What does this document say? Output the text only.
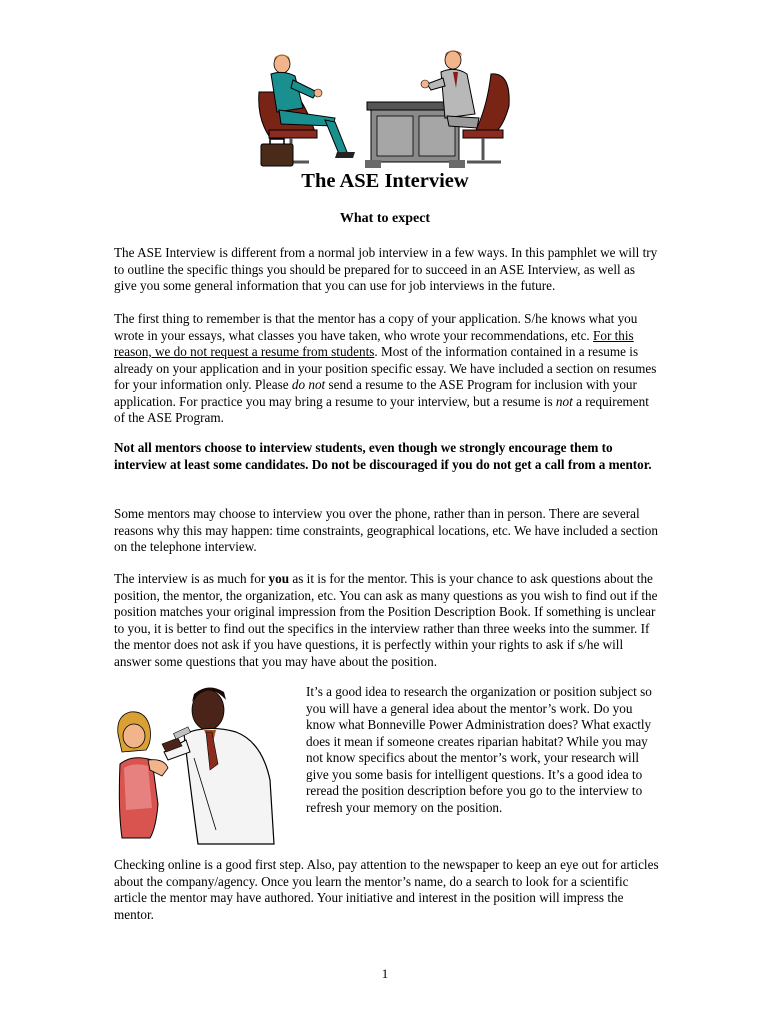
The ASE Interview
What to expect

The ASE Interview is different from a normal job interview in a few ways. In this pamphlet we will try to outline the specific things you should be prepared for to succeed in an ASE Interview, as well as give you some general information that you can use for job interviews in the future.

The first thing to remember is that the mentor has a copy of your application. S/he knows what you wrote in your essays, what classes you have taken, who wrote your recommendations, etc. For this reason, we do not request a resume from students. Most of the information contained in a resume is already on your application and in your position specific essay. We have included a section on resumes for your information only. Please do not send a resume to the ASE Program for inclusion with your application. For practice you may bring a resume to your interview, but a resume is not a requirement of the ASE Program.

Not all mentors choose to interview students, even though we strongly encourage them to interview at least some candidates. Do not be discouraged if you do not get a call from a mentor.

Some mentors may choose to interview you over the phone, rather than in person. There are several reasons why this may happen: time constraints, geographical locations, etc. We have included a section on the telephone interview.

The interview is as much for you as it is for the mentor. This is your chance to ask questions about the position, the mentor, the organization, etc. You can ask as many questions as you wish to find out if the position matches your original impression from the Position Description Book. If something is unclear to you, it is better to find out the specifics in the interview rather than three weeks into the summer. If the mentor does not ask if you have questions, it is perfectly within your rights to ask if s/he will answer some questions that you may have about the position.

It’s a good idea to research the organization or position subject so you will have a general idea about the mentor’s work. Do you know what Bonneville Power Administration does? What exactly does it mean if someone creates riparian habitat? While you may not know specifics about the mentor’s work, your research will give you some basis for intelligent questions. It’s a good idea to reread the position description before you go to the interview to refresh your memory on the position.

Checking online is a good first step. Also, pay attention to the newspaper to keep an eye out for articles about the company/agency. Once you learn the mentor’s name, do a search to look for a scientific article the mentor may have authored. Your initiative and interest in the position will impress the mentor.

1
